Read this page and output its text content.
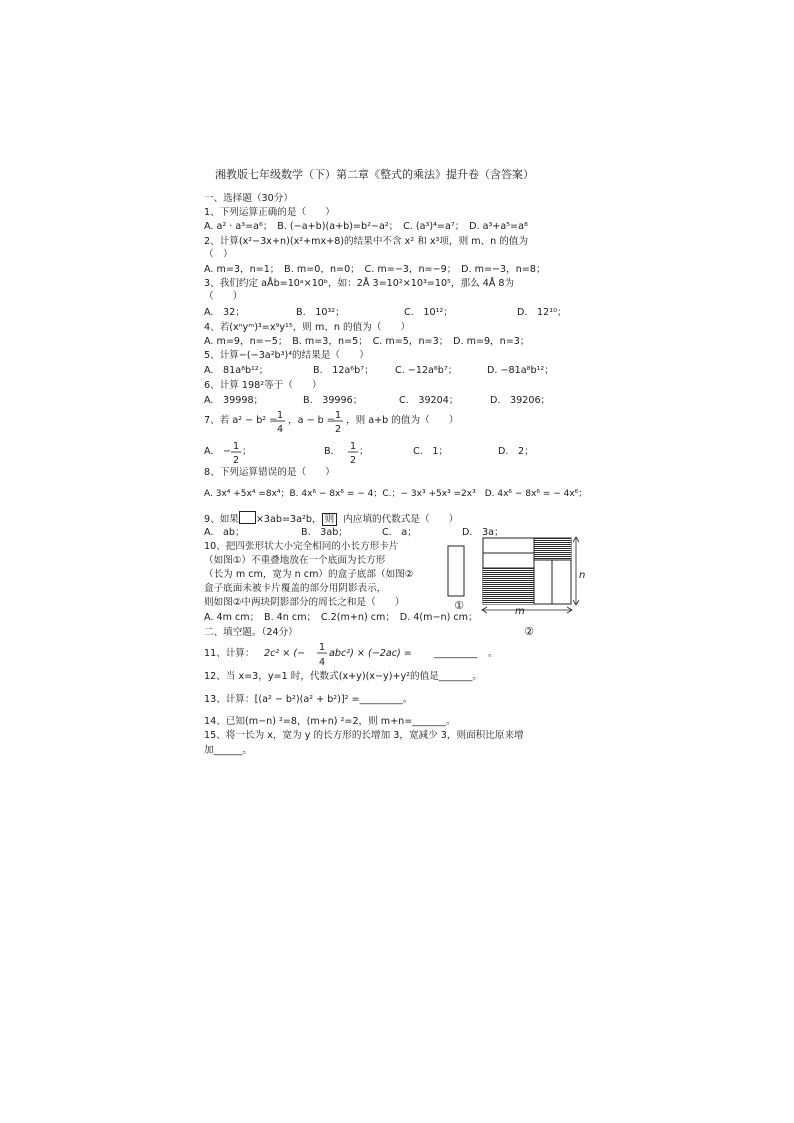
湘教版七年级数学（下）第二章《整式的乘法》提升卷（含答案）
一、选择题（30分）
1、下列运算正确的是（　　）
A. a² · a³=a⁶；　B. (−a+b)(a+b)=b²−a²；　C. (a³)⁴=a⁷；　D. a³+a⁵=a⁸
2、计算(x²−3x+n)(x²+mx+8)的结果中不含 x² 和 x³项，则 m、n 的值为
（　）
A. m=3，n=1；　B. m=0，n=0；　C. m=−3，n=−9；　D. m=−3，n=8；
3、我们约定 aÅb=10ᵃ×10ᵇ，如：2Å 3=10²×10³=10⁵，那么 4Å 8为
（　　）
A.　32；	B.　10³²；	C.　10¹²；	D.　12¹⁰；
4、若(xⁿyᵐ)³=x⁹y¹⁵，则 m、n 的值为（　　）
A. m=9，n=−5；　B. m=3，n=5；　C. m=5，n=3；　D. m=9，n=3；
5、计算−(−3a²b³)⁴的结果是（　　）
A.　81a⁸b¹²；	B.　12a⁶b⁷； C. −12a⁶b⁷；	D. −81a⁸b¹²；
6、计算 198²等于（　　）
A.　39998；	B.　39996；	C.　39204；	D.　39206；
7、若 a² − b² = 1
4
，a − b = 1
2
，则 a+b 的值为（　　）
A.　− 1
2
；	B. 1
2
；	C.　1；	D.　2；
8、下列运算错误的是（　　）
A. 3x⁴ +5x⁴ =8x⁴；B. 4x⁶ − 8x⁶ = − 4；C.；− 3x³ +5x³ =2x³　D. 4x⁶ − 8x⁶ = − 4x⁶；
9、如果 ×3ab=3a²b， 则 内应填的代数式是（　　）
A.　ab；	B.　3ab；	C.　a；	D.　3a；
10、把四张形状大小完全相同的小长方形卡片
（如图①）不重叠地放在一个底面为长方形
（长为 m cm，宽为 n cm）的盒子底部（如图②
盒子底面未被卡片覆盖的部分用阴影表示，
则如图②中两块阴影部分的周长之和是（　　）
A. 4m cm；　B. 4n cm；　C.2(m+n) cm；　D. 4(m−n) cm；
①
n
m
②
二、填空题。（24分）
11、计算： 2c² × (−
1
4
abc²) × (−2ac) = _________ 。
12、当 x=3，y=1 时，代数式(x+y)(x−y)+y²的值是_______。
13、计算：[(a² − b²)(a² + b²)]² =_________。
14、已知(m−n) ²=8，(m+n) ²=2，则 m+n=_______。
15、将一长为 x，宽为 y 的长方形的长增加 3，宽减少 3，则面积比原来增
加______。
